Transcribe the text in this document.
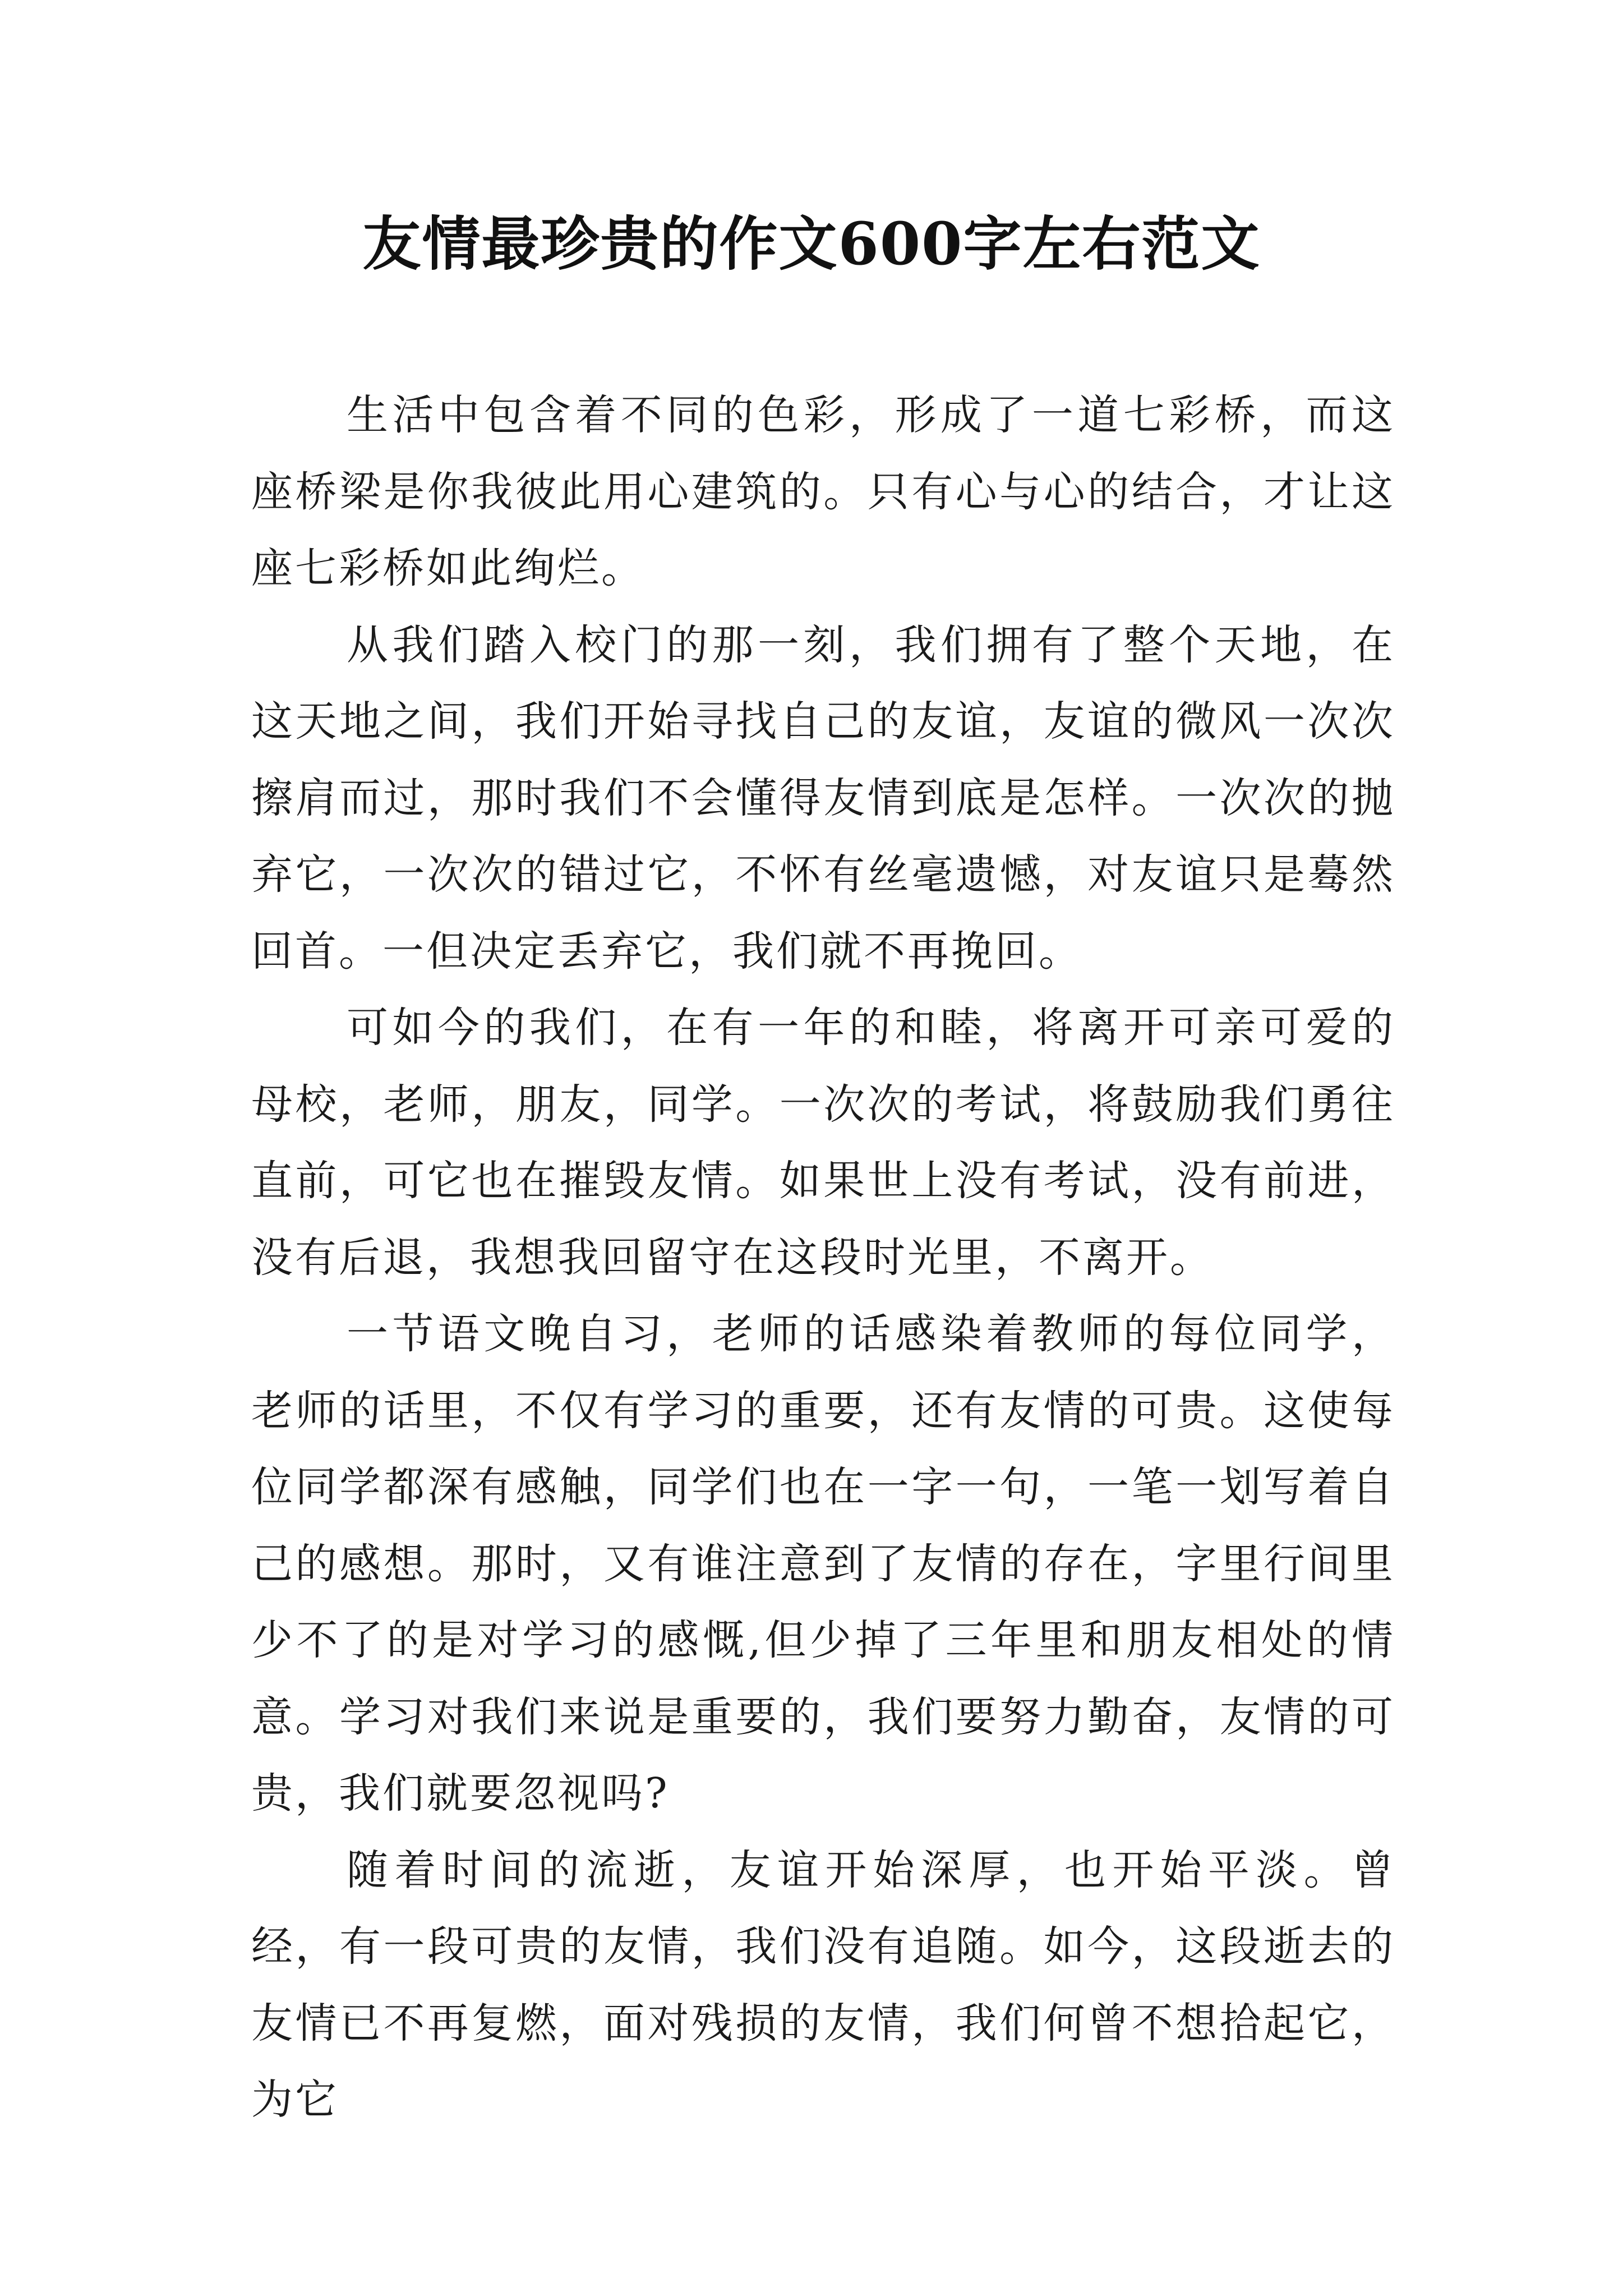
友情最珍贵的作文600字左右范文

生活中包含着不同的色彩，形成了一道七彩桥，而这座桥梁是你我彼此用心建筑的。只有心与心的结合，才让这座七彩桥如此绚烂。

从我们踏入校门的那一刻，我们拥有了整个天地，在这天地之间，我们开始寻找自己的友谊，友谊的微风一次次擦肩而过，那时我们不会懂得友情到底是怎样。一次次的抛弃它，一次次的错过它，不怀有丝毫遗憾，对友谊只是蓦然回首。一但决定丢弃它，我们就不再挽回。

可如今的我们，在有一年的和睦，将离开可亲可爱的母校，老师，朋友，同学。一次次的考试，将鼓励我们勇往直前，可它也在摧毁友情。如果世上没有考试，没有前进，没有后退，我想我回留守在这段时光里，不离开。

一节语文晚自习，老师的话感染着教师的每位同学，老师的话里，不仅有学习的重要，还有友情的可贵。这使每位同学都深有感触，同学们也在一字一句，一笔一划写着自己的感想。那时，又有谁注意到了友情的存在，字里行间里少不了的是对学习的感慨,但少掉了三年里和朋友相处的情意。学习对我们来说是重要的，我们要努力勤奋，友情的可贵，我们就要忽视吗?

随着时间的流逝，友谊开始深厚，也开始平淡。曾经，有一段可贵的友情，我们没有追随。如今，这段逝去的友情已不再复燃，面对残损的友情，我们何曾不想拾起它，为它
